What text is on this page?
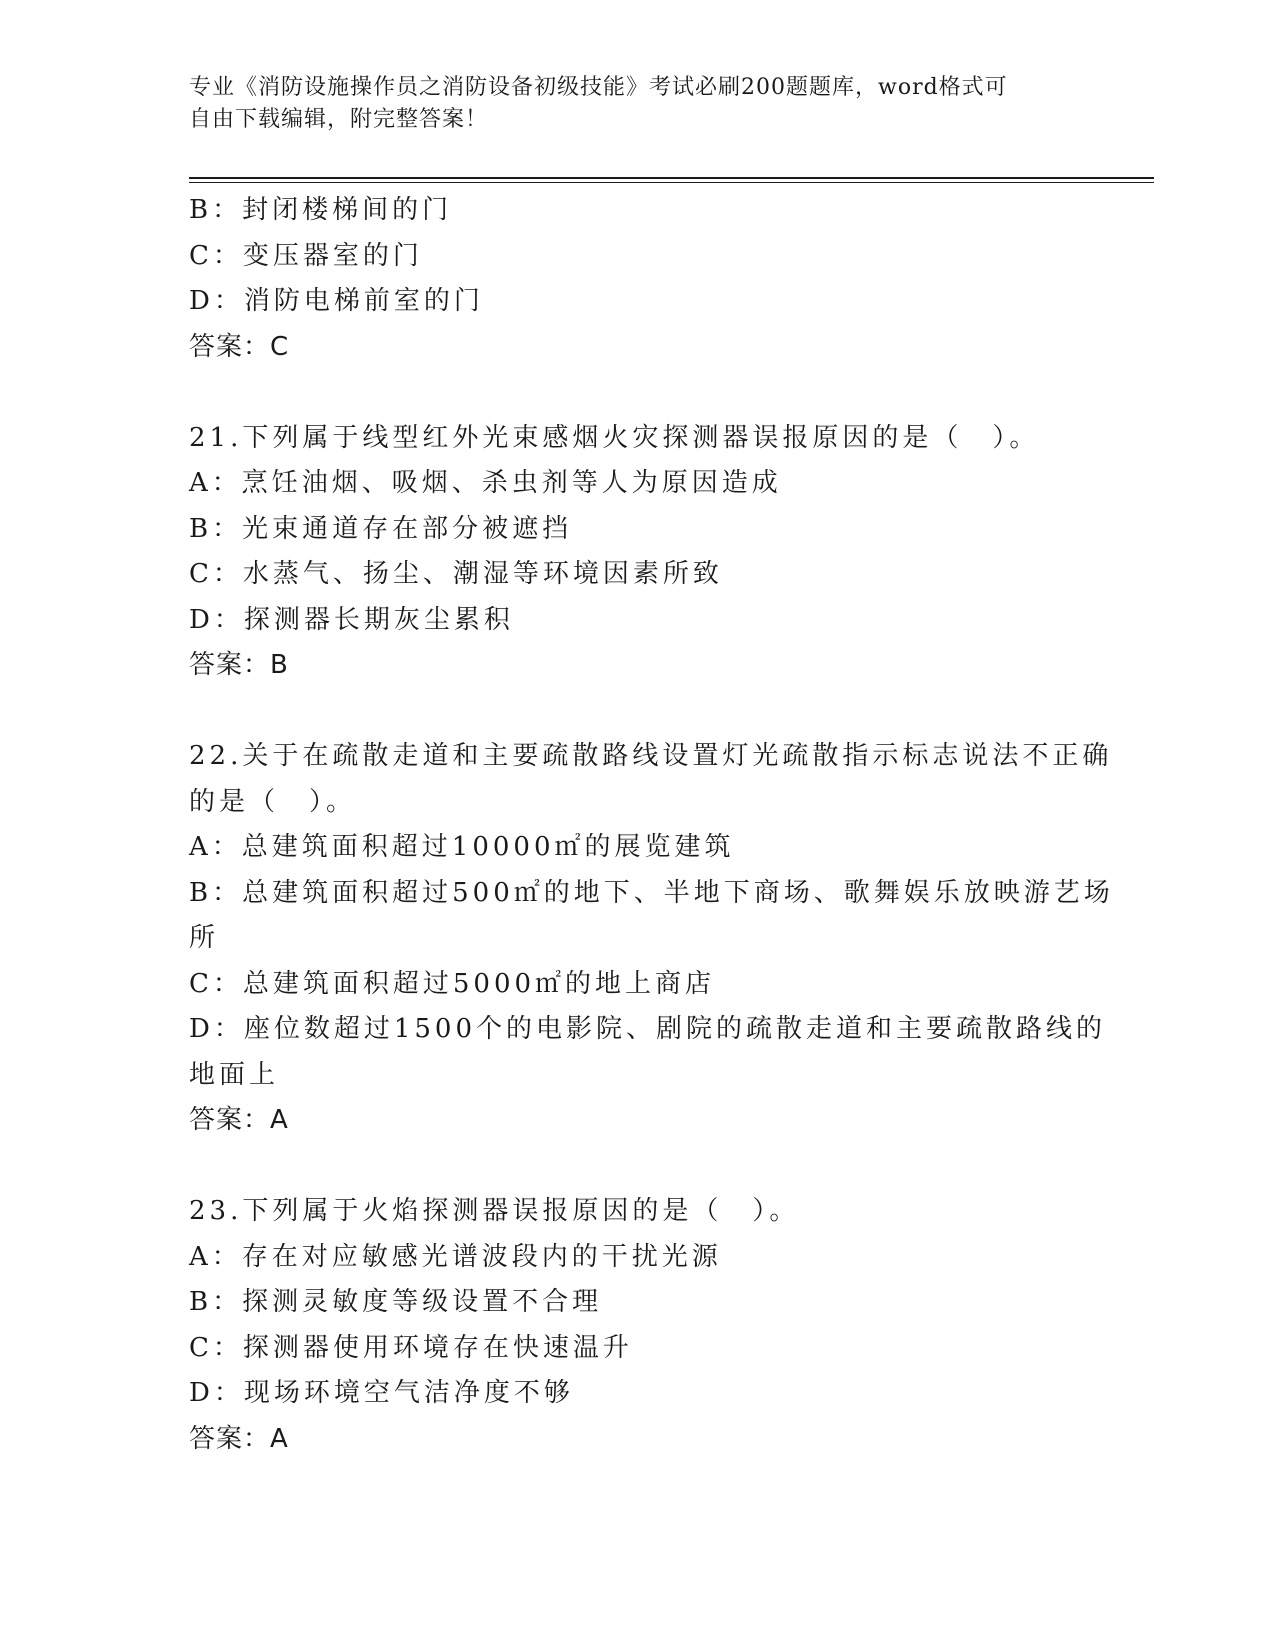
专业《消防设施操作员之消防设备初级技能》考试必刷200题题库，word格式可
自由下载编辑，附完整答案！
B：封闭楼梯间的门
C：变压器室的门
D：消防电梯前室的门
答案：C
21.下列属于线型红外光束感烟火灾探测器误报原因的是（　）。
A：烹饪油烟、吸烟、杀虫剂等人为原因造成
B：光束通道存在部分被遮挡
C：水蒸气、扬尘、潮湿等环境因素所致
D：探测器长期灰尘累积
答案：B
22.关于在疏散走道和主要疏散路线设置灯光疏散指示标志说法不正确
的是（　）。
A：总建筑面积超过10000㎡的展览建筑
B：总建筑面积超过500㎡的地下、半地下商场、歌舞娱乐放映游艺场
所
C：总建筑面积超过5000㎡的地上商店
D：座位数超过1500个的电影院、剧院的疏散走道和主要疏散路线的
地面上
答案：A
23.下列属于火焰探测器误报原因的是（　）。
A：存在对应敏感光谱波段内的干扰光源
B：探测灵敏度等级设置不合理
C：探测器使用环境存在快速温升
D：现场环境空气洁净度不够
答案：A
